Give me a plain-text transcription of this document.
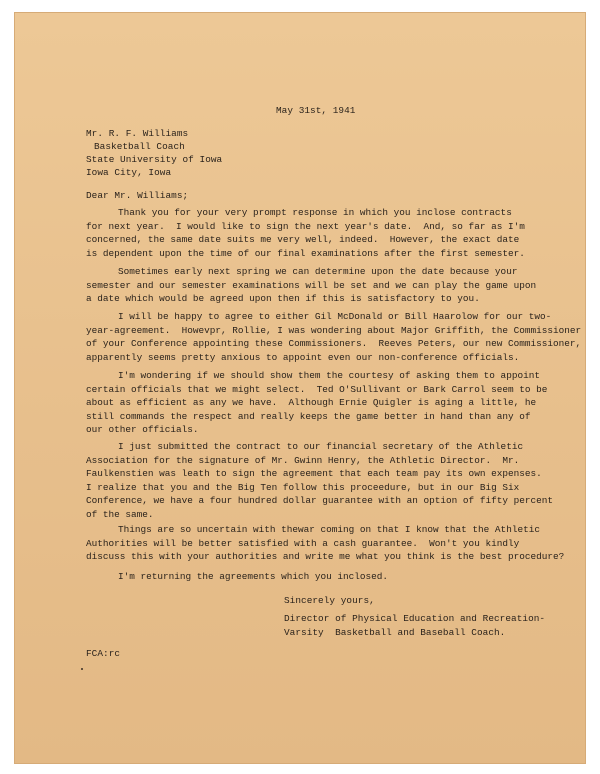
May 31st, 1941
Mr. R. F. Williams
Basketball Coach
State University of Iowa
Iowa City, Iowa
Dear Mr. Williams;
Thank you for your very prompt response in which you inclose contracts
for next year.  I would like to sign the next year's date.  And, so far as I'm
concerned, the same date suits me very well, indeed.  However, the exact date
is dependent upon the time of our final examinations after the first semester.
Sometimes early next spring we can determine upon the date because your
semester and our semester examinations will be set and we can play the game upon
a date which would be agreed upon then if this is satisfactory to you.
I will be happy to agree to either Gil McDonald or Bill Haarolow for our two-
year-agreement.  Howevpr, Rollie, I was wondering about Major Griffith, the Commissioner
of your Conference appointing these Commissioners.  Reeves Peters, our new Commissioner,
apparently seems pretty anxious to appoint even our non-conference officials.
I'm wondering if we should show them the courtesy of asking them to appoint
certain officials that we might select.  Ted O'Sullivant or Bark Carrol seem to be
about as efficient as any we have.  Although Ernie Quigler is aging a little, he
still commands the respect and really keeps the game better in hand than any of
our other officials.
I just submitted the contract to our financial secretary of the Athletic
Association for the signature of Mr. Gwinn Henry, the Athletic Director.  Mr.
Faulkenstien was leath to sign the agreement that each team pay its own expenses.
I realize that you and the Big Ten follow this proceedure, but in our Big Six
Conference, we have a four hundred dollar guarantee with an option of fifty percent
of the same.
Things are so uncertain with thewar coming on that I know that the Athletic
Authorities will be better satisfied with a cash guarantee.  Won't you kindly
discuss this with your authorities and write me what you think is the best procedure?
I'm returning the agreements which you inclosed.
Sincerely yours,
Director of Physical Education and Recreation-
Varsity  Basketball and Baseball Coach.
FCA:rc
